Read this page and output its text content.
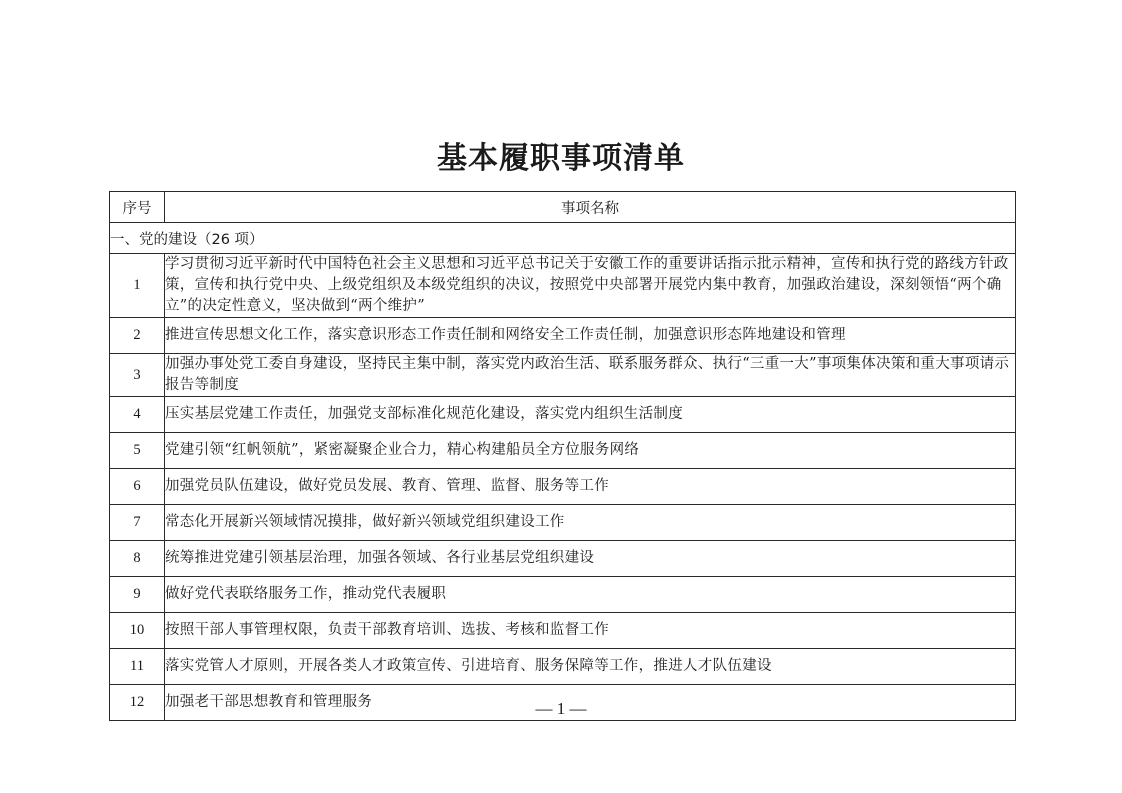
基本履职事项清单
序号	事项名称
一、党的建设（26 项）	
1	学习贯彻习近平新时代中国特色社会主义思想和习近平总书记关于安徽工作的重要讲话指示批示精神，宣传和执行党的路线方针政策，宣传和执行党中央、上级党组织及本级党组织的决议，按照党中央部署开展党内集中教育，加强政治建设，深刻领悟“两个确立”的决定性意义，坚决做到“两个维护”
2	推进宣传思想文化工作，落实意识形态工作责任制和网络安全工作责任制，加强意识形态阵地建设和管理
3	加强办事处党工委自身建设，坚持民主集中制，落实党内政治生活、联系服务群众、执行“三重一大”事项集体决策和重大事项请示报告等制度
4	压实基层党建工作责任，加强党支部标准化规范化建设，落实党内组织生活制度
5	党建引领“红帆领航”，紧密凝聚企业合力，精心构建船员全方位服务网络
6	加强党员队伍建设，做好党员发展、教育、管理、监督、服务等工作
7	常态化开展新兴领域情况摸排，做好新兴领域党组织建设工作
8	统筹推进党建引领基层治理，加强各领域、各行业基层党组织建设
9	做好党代表联络服务工作，推动党代表履职
10	按照干部人事管理权限，负责干部教育培训、选拔、考核和监督工作
11	落实党管人才原则，开展各类人才政策宣传、引进培育、服务保障等工作，推进人才队伍建设
12	加强老干部思想教育和管理服务	— 1 —
